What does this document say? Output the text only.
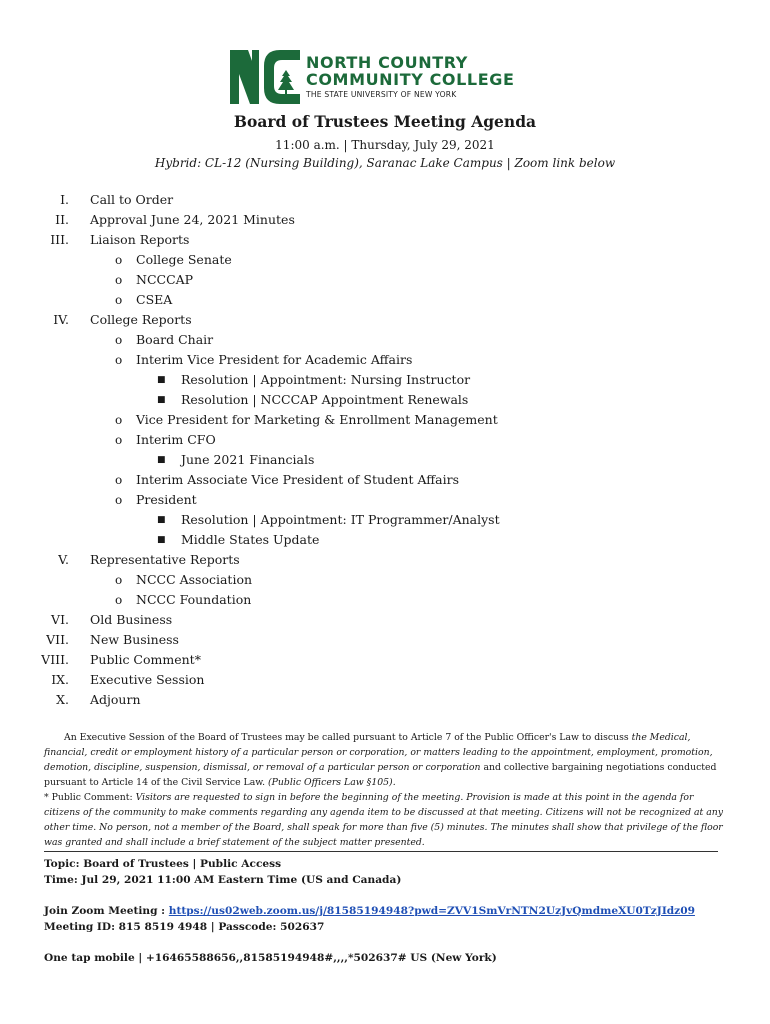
NORTH COUNTRY
COMMUNITY COLLEGE
THE STATE UNIVERSITY OF NEW YORK
Board of Trustees Meeting Agenda
11:00 a.m. | Thursday, July 29, 2021
Hybrid: CL-12 (Nursing Building), Saranac Lake Campus | Zoom link below
I. Call to Order
II. Approval June 24, 2021 Minutes
III. Liaison Reports
o College Senate
o NCCCAP
o CSEA
IV. College Reports
o Board Chair
o Interim Vice President for Academic Affairs
■ Resolution | Appointment: Nursing Instructor
■ Resolution | NCCCAP Appointment Renewals
o Vice President for Marketing & Enrollment Management
o Interim CFO
■ June 2021 Financials
o Interim Associate Vice President of Student Affairs
o President
■ Resolution | Appointment: IT Programmer/Analyst
■ Middle States Update
V. Representative Reports
o NCCC Association
o NCCC Foundation
VI. Old Business
VII. New Business
VIII. Public Comment*
IX. Executive Session
X. Adjourn

An Executive Session of the Board of Trustees may be called pursuant to Article 7 of the Public Officer's Law to discuss the Medical, financial, credit or employment history of a particular person or corporation, or matters leading to the appointment, employment, promotion, demotion, discipline, suspension, dismissal, or removal of a particular person or corporation and collective bargaining negotiations conducted pursuant to Article 14 of the Civil Service Law. (Public Officers Law §105).

* Public Comment: Visitors are requested to sign in before the beginning of the meeting. Provision is made at this point in the agenda for citizens of the community to make comments regarding any agenda item to be discussed at that meeting. Citizens will not be recognized at any other time. No person, not a member of the Board, shall speak for more than five (5) minutes. The minutes shall show that privilege of the floor was granted and shall include a brief statement of the subject matter presented.

Topic: Board of Trustees | Public Access
Time: Jul 29, 2021 11:00 AM Eastern Time (US and Canada)
Join Zoom Meeting : https://us02web.zoom.us/j/81585194948?pwd=ZVV1SmVrNTN2UzJvQmdmeXU0TzJIdz09
Meeting ID: 815 8519 4948 | Passcode: 502637
One tap mobile | +16465588656,,81585194948#,,,,*502637# US (New York)
